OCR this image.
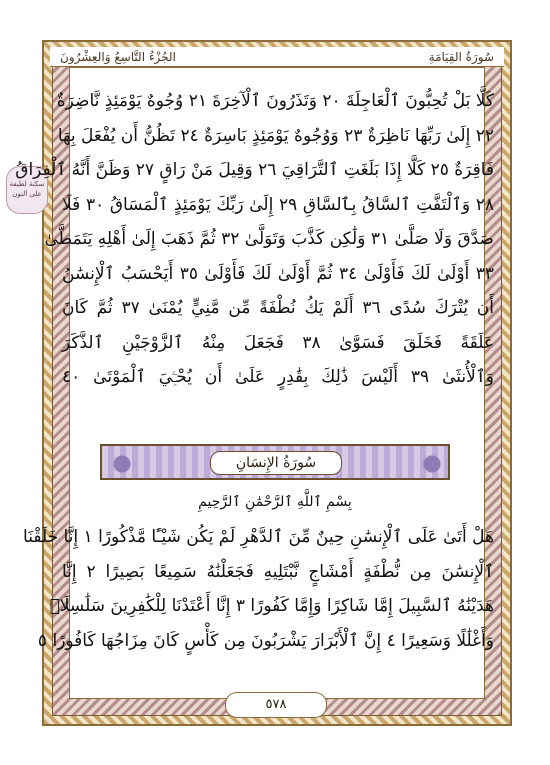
سُورَةُ القِيَامَةِ
الجُزْءُ التَّاسِعُ وَالعِشْرُونَ
سكتة لطيفة على النون
كَلَّا بَلْ تُحِبُّونَ ٱلْعَاجِلَةَ ٢٠ وَتَذَرُونَ ٱلْآخِرَةَ ٢١ وُجُوهٌ يَوْمَئِذٍ نَّاضِرَةٌ
٢٢ إِلَىٰ رَبِّهَا نَاظِرَةٌ ٢٣ وَوُجُوهٌ يَوْمَئِذٍ بَاسِرَةٌ ٢٤ تَظُنُّ أَن يُفْعَلَ بِهَا
فَاقِرَةٌ ٢٥ كَلَّا إِذَا بَلَغَتِ ٱلتَّرَاقِيَ ٢٦ وَقِيلَ مَنْ رَاقٍ ٢٧ وَظَنَّ أَنَّهُ ٱلْفِرَاقُ
٢٨ وَٱلْتَفَّتِ ٱلسَّاقُ بِٱلسَّاقِ ٢٩ إِلَىٰ رَبِّكَ يَوْمَئِذٍ ٱلْمَسَاقُ ٣٠ فَلَا
صَدَّقَ وَلَا صَلَّىٰ ٣١ وَلَٰكِن كَذَّبَ وَتَوَلَّىٰ ٣٢ ثُمَّ ذَهَبَ إِلَىٰ أَهْلِهِ يَتَمَطَّىٰ
٣٣ أَوْلَىٰ لَكَ فَأَوْلَىٰ ٣٤ ثُمَّ أَوْلَىٰ لَكَ فَأَوْلَىٰ ٣٥ أَيَحْسَبُ ٱلْإِنسَٰنُ
أَن يُتْرَكَ سُدًى ٣٦ أَلَمْ يَكُ نُطْفَةً مِّن مَّنِيٍّ يُمْنَىٰ ٣٧ ثُمَّ كَانَ
عَلَقَةً فَخَلَقَ فَسَوَّىٰ ٣٨ فَجَعَلَ مِنْهُ ٱلزَّوْجَيْنِ ٱلذَّكَرَ
وَٱلْأُنثَىٰ ٣٩ أَلَيْسَ ذَٰلِكَ بِقَٰدِرٍ عَلَىٰ أَن يُحْـِۧيَ ٱلْمَوْتَىٰ ٤٠
سُورَةُ الإِنسَانِ
بِسْمِ ٱللَّهِ ٱلرَّحْمَٰنِ ٱلرَّحِيمِ
هَلْ أَتَىٰ عَلَى ٱلْإِنسَٰنِ حِينٌ مِّنَ ٱلدَّهْرِ لَمْ يَكُن شَيْـًٔا مَّذْكُورًا ١ إِنَّا خَلَقْنَا
ٱلْإِنسَٰنَ مِن نُّطْفَةٍ أَمْشَاجٍ نَّبْتَلِيهِ فَجَعَلْنَٰهُ سَمِيعًا بَصِيرًا ٢ إِنَّا
هَدَيْنَٰهُ ٱلسَّبِيلَ إِمَّا شَاكِرًا وَإِمَّا كَفُورًا ٣ إِنَّا أَعْتَدْنَا لِلْكَٰفِرِينَ سَلَٰسِلَا۟
وَأَغْلَٰلًا وَسَعِيرًا ٤ إِنَّ ٱلْأَبْرَارَ يَشْرَبُونَ مِن كَأْسٍ كَانَ مِزَاجُهَا كَافُورًا ٥
٥٧٨
